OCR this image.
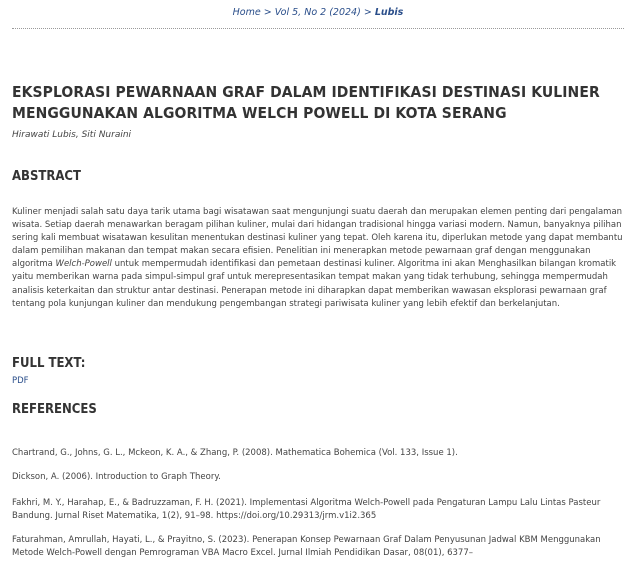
Home > Vol 5, No 2 (2024) > Lubis
EKSPLORASI PEWARNAAN GRAF DALAM IDENTIFIKASI DESTINASI KULINER MENGGUNAKAN ALGORITMA WELCH POWELL DI KOTA SERANG
Hirawati Lubis, Siti Nuraini
ABSTRACT

Kuliner menjadi salah satu daya tarik utama bagi wisatawan saat mengunjungi suatu daerah dan merupakan elemen penting dari pengalaman wisata. Setiap daerah menawarkan beragam pilihan kuliner, mulai dari hidangan tradisional hingga variasi modern. Namun, banyaknya pilihan sering kali membuat wisatawan kesulitan menentukan destinasi kuliner yang tepat. Oleh karena itu, diperlukan metode yang dapat membantu dalam pemilihan makanan dan tempat makan secara efisien. Penelitian ini menerapkan metode pewarnaan graf dengan menggunakan algoritma Welch-Powell untuk mempermudah identifikasi dan pemetaan destinasi kuliner. Algoritma ini akan Menghasilkan bilangan kromatik yaitu memberikan warna pada simpul-simpul graf untuk merepresentasikan tempat makan yang tidak terhubung, sehingga mempermudah analisis keterkaitan dan struktur antar destinasi. Penerapan metode ini diharapkan dapat memberikan wawasan eksplorasi pewarnaan graf tentang pola kunjungan kuliner dan mendukung pengembangan strategi pariwisata kuliner yang lebih efektif dan berkelanjutan.

FULL TEXT:
PDF
REFERENCES

Chartrand, G., Johns, G. L., Mckeon, K. A., & Zhang, P. (2008). Mathematica Bohemica (Vol. 133, Issue 1).

Dickson, A. (2006). Introduction to Graph Theory.

Fakhri, M. Y., Harahap, E., & Badruzzaman, F. H. (2021). Implementasi Algoritma Welch-Powell pada Pengaturan Lampu Lalu Lintas Pasteur Bandung. Jurnal Riset Matematika, 1(2), 91–98. https://doi.org/10.29313/jrm.v1i2.365

Faturahman, Amrullah, Hayati, L., & Prayitno, S. (2023). Penerapan Konsep Pewarnaan Graf Dalam Penyusunan Jadwal KBM Menggunakan Metode Welch-Powell dengan Pemrograman VBA Macro Excel. Jurnal Ilmiah Pendidikan Dasar, 08(01), 6377–
